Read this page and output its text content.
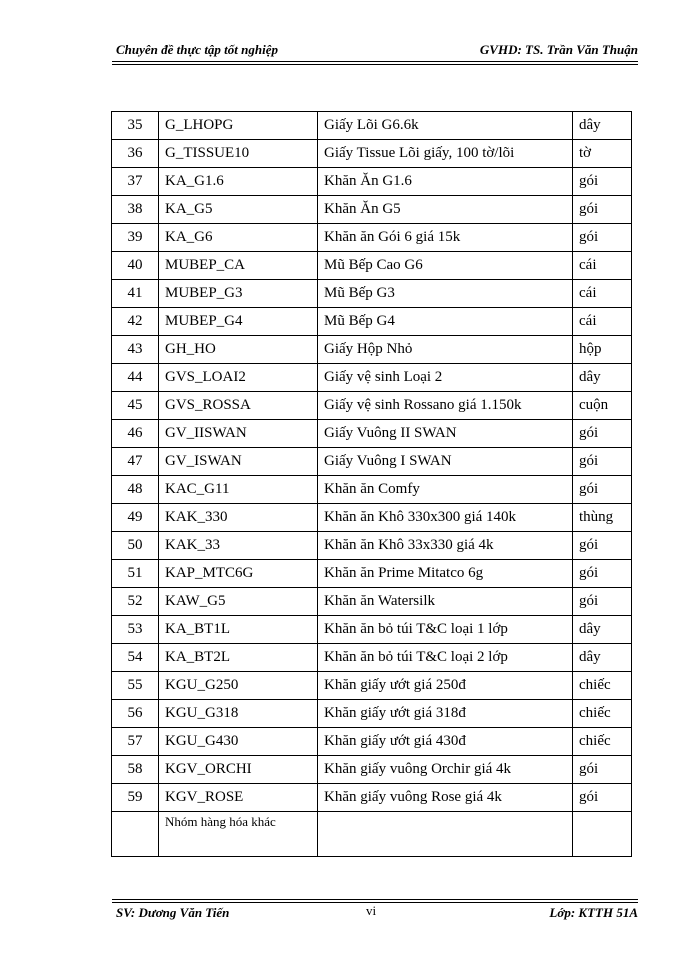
Chuyên đề thực tập tốt nghiệp	GVHD: TS. Trần Văn Thuận
35	G_LHOPG	Giấy Lõi G6.6k	dây
36	G_TISSUE10	Giấy Tissue Lõi giấy, 100 tờ/lõi	tờ
37	KA_G1.6	Khăn Ăn G1.6	gói
38	KA_G5	Khăn Ăn G5	gói
39	KA_G6	Khăn ăn Gói 6 giá 15k	gói
40	MUBEP_CA	Mũ Bếp Cao G6	cái
41	MUBEP_G3	Mũ Bếp G3	cái
42	MUBEP_G4	Mũ Bếp G4	cái
43	GH_HO	Giấy Hộp Nhỏ	hộp
44	GVS_LOAI2	Giấy vệ sinh Loại 2	dây
45	GVS_ROSSA	Giấy vệ sinh Rossano giá 1.150k	cuộn
46	GV_IISWAN	Giấy Vuông II SWAN	gói
47	GV_ISWAN	Giấy Vuông I SWAN	gói
48	KAC_G11	Khăn ăn Comfy	gói
49	KAK_330	Khăn ăn Khô 330x300 giá 140k	thùng
50	KAK_33	Khăn ăn Khô 33x330 giá 4k	gói
51	KAP_MTC6G	Khăn ăn Prime Mitatco 6g	gói
52	KAW_G5	Khăn ăn Watersilk	gói
53	KA_BT1L	Khăn ăn bỏ túi T&C loại 1 lớp	dây
54	KA_BT2L	Khăn ăn bỏ túi T&C loại 2 lớp	dây
55	KGU_G250	Khăn giấy ướt giá 250đ	chiếc
56	KGU_G318	Khăn giấy ướt giá 318đ	chiếc
57	KGU_G430	Khăn giấy ướt giá 430đ	chiếc
58	KGV_ORCHI	Khăn giấy vuông Orchir giá 4k	gói
59	KGV_ROSE	Khăn giấy vuông Rose giá 4k	gói
	Nhóm hàng hóa khác		
SV: Dương Văn Tiến	vi	Lớp: KTTH 51A
